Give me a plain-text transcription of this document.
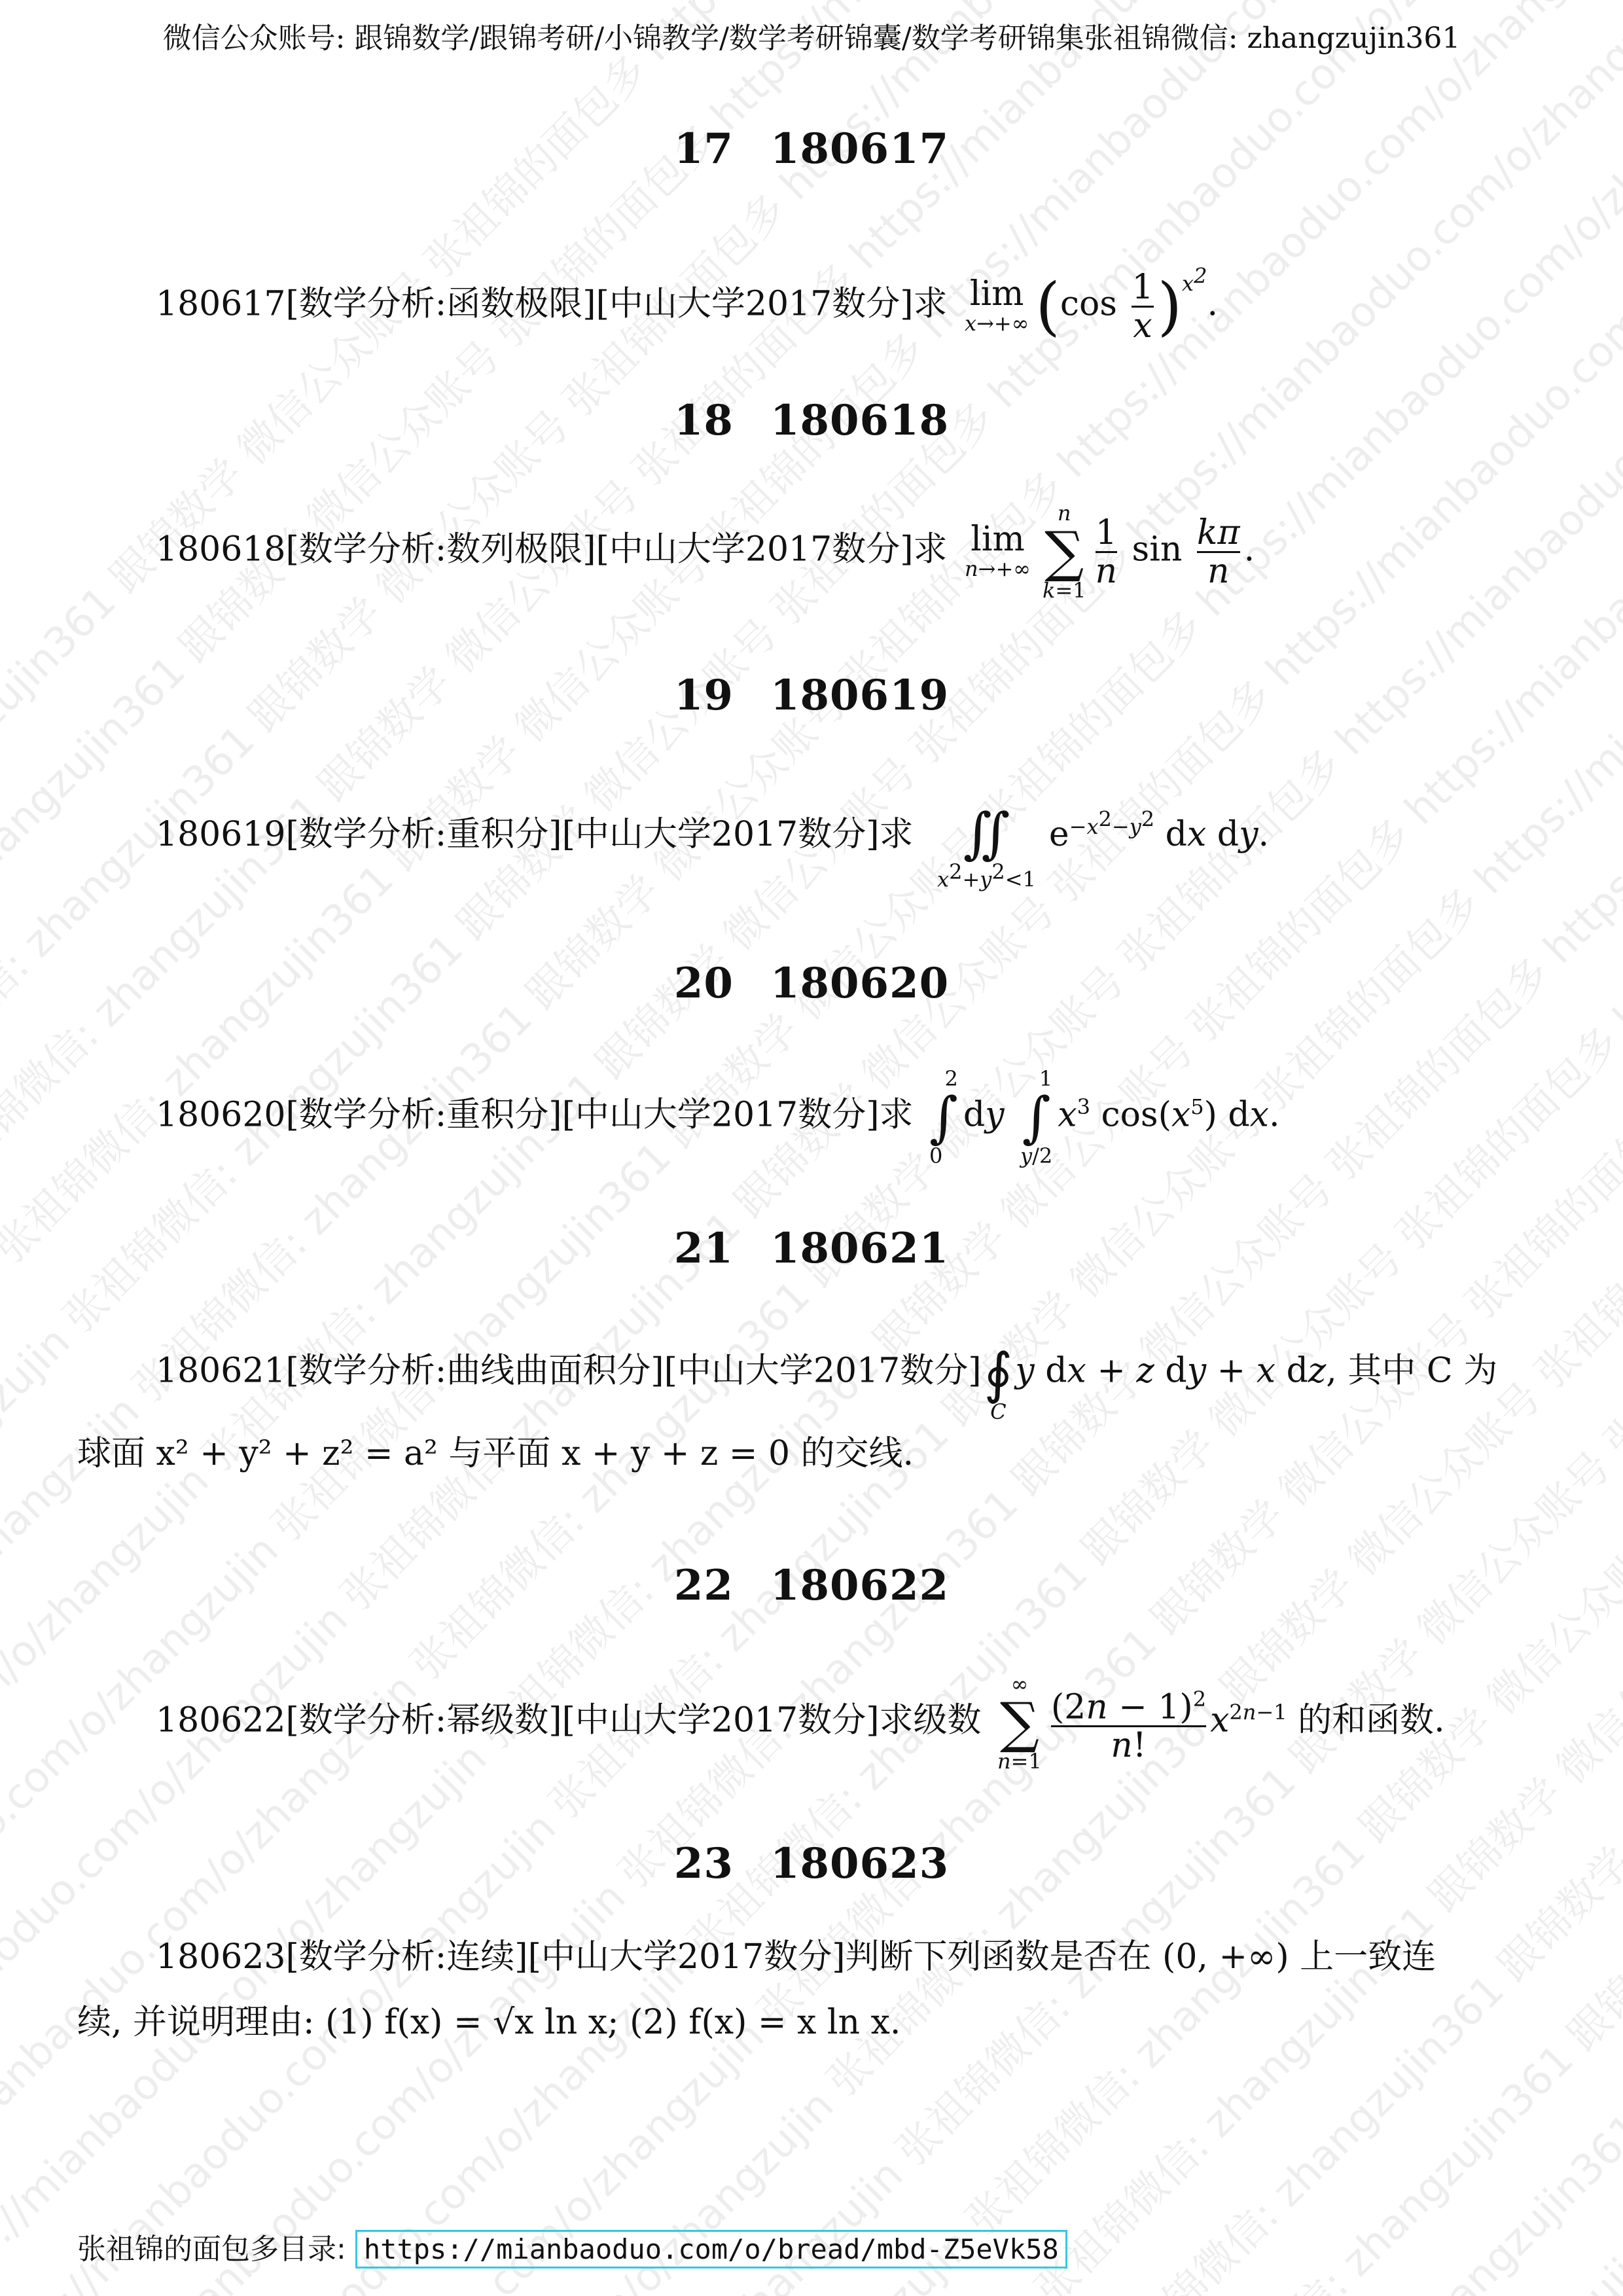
https://mianbaoduo.com/o/zhangzujin 张祖锦微信: zhangzujin361 跟锦数学 微信公众账号 张祖锦的面包多 https://mianbaoduo.com/o/zhangzujin
https://mianbaoduo.com/o/zhangzujin 张祖锦微信: zhangzujin361 跟锦数学 微信公众账号 张祖锦的面包多 https://mianbaoduo.com/o/zhangzujin
https://mianbaoduo.com/o/zhangzujin 张祖锦微信: zhangzujin361 跟锦数学 微信公众账号 张祖锦的面包多 https://mianbaoduo.com/o/zhangzujin
https://mianbaoduo.com/o/zhangzujin 张祖锦微信: zhangzujin361 跟锦数学 微信公众账号 张祖锦的面包多 https://mianbaoduo.com/o/zhangzujin
https://mianbaoduo.com/o/zhangzujin 张祖锦微信: zhangzujin361 跟锦数学 微信公众账号 张祖锦的面包多 https://mianbaoduo.com/o/zhangzujin
https://mianbaoduo.com/o/zhangzujin 张祖锦微信: zhangzujin361 跟锦数学 微信公众账号 张祖锦的面包多 https://mianbaoduo.com/o/zhangzujin
https://mianbaoduo.com/o/zhangzujin 张祖锦微信: zhangzujin361 跟锦数学 微信公众账号 张祖锦的面包多 https://mianbaoduo.com/o/zhangzujin
https://mianbaoduo.com/o/zhangzujin 张祖锦微信: zhangzujin361 跟锦数学 微信公众账号 张祖锦的面包多 https://mianbaoduo.com/o/zhangzujin
张祖锦微信: zhangzujin361 跟锦数学 微信公众账号 张祖锦的面包多
张祖锦微信: zhangzujin361 跟锦数学 微信公众账号 张祖锦的面包多
张祖锦微信: zhangzujin361 跟锦数学 微信公众账号 张祖锦的面包多
张祖锦微信: zhangzujin361 跟锦数学 微信公众账号
张祖锦微信: zhangzujin361 跟锦数学 微信公众账号
张祖锦微信: zhangzujin361 跟锦数学 微信公众账号
zhangzujin361 跟锦数学
zhangzujin361
微信公众账号: 跟锦数学/跟锦考研/小锦教学/数学考研锦囊/数学考研锦集张祖锦微信: zhangzujin361
17 180617
180617[数学分析:函数极限][中山大学2017数分]求 lim
x→+∞ $(\cos \frac{1}{x} )^{x^2}$.
18 180618
180618[数学分析:数列极限][中山大学2017数分]求 lim
n→+∞
n
∑
k=1
$\frac{1}{n}$ $\sin \frac{k\pi}{n}$ .
19 180619
180619[数学分析:重积分][中山大学2017数分]求
∬
$x^2+y^2<1$
$e^{-x^2-y^2}$ dx dy.
20 180620
180620[数学分析:重积分][中山大学2017数分]求
2
∫
0
dy
1
∫
y/2
$x^3$ $\cos(x^5)$ dx.
21 180621
180621[数学分析:曲线曲面积分][中山大学2017数分]
∮
C
y dx + z dy + x dz, 其中 C 为
球面 x² + y² + z² = a² 与平面 x + y + z = 0 的交线.
22 180622
180622[数学分析:幂级数][中山大学2017数分]求级数
∞
∑
$n=1 \frac{(2n - 1)^2}{n!} x^{2n-1}$ 的和函数.
23 180623
180623[数学分析:连续][中山大学2017数分]判断下列函数是否在 (0, +∞) 上一致连
续, 并说明理由: (1) f(x) = √x ln x; (2) f(x) = x ln x.
张祖锦的面包多目录: https://mianbaoduo.com/o/bread/mbd-Z5eVk58
